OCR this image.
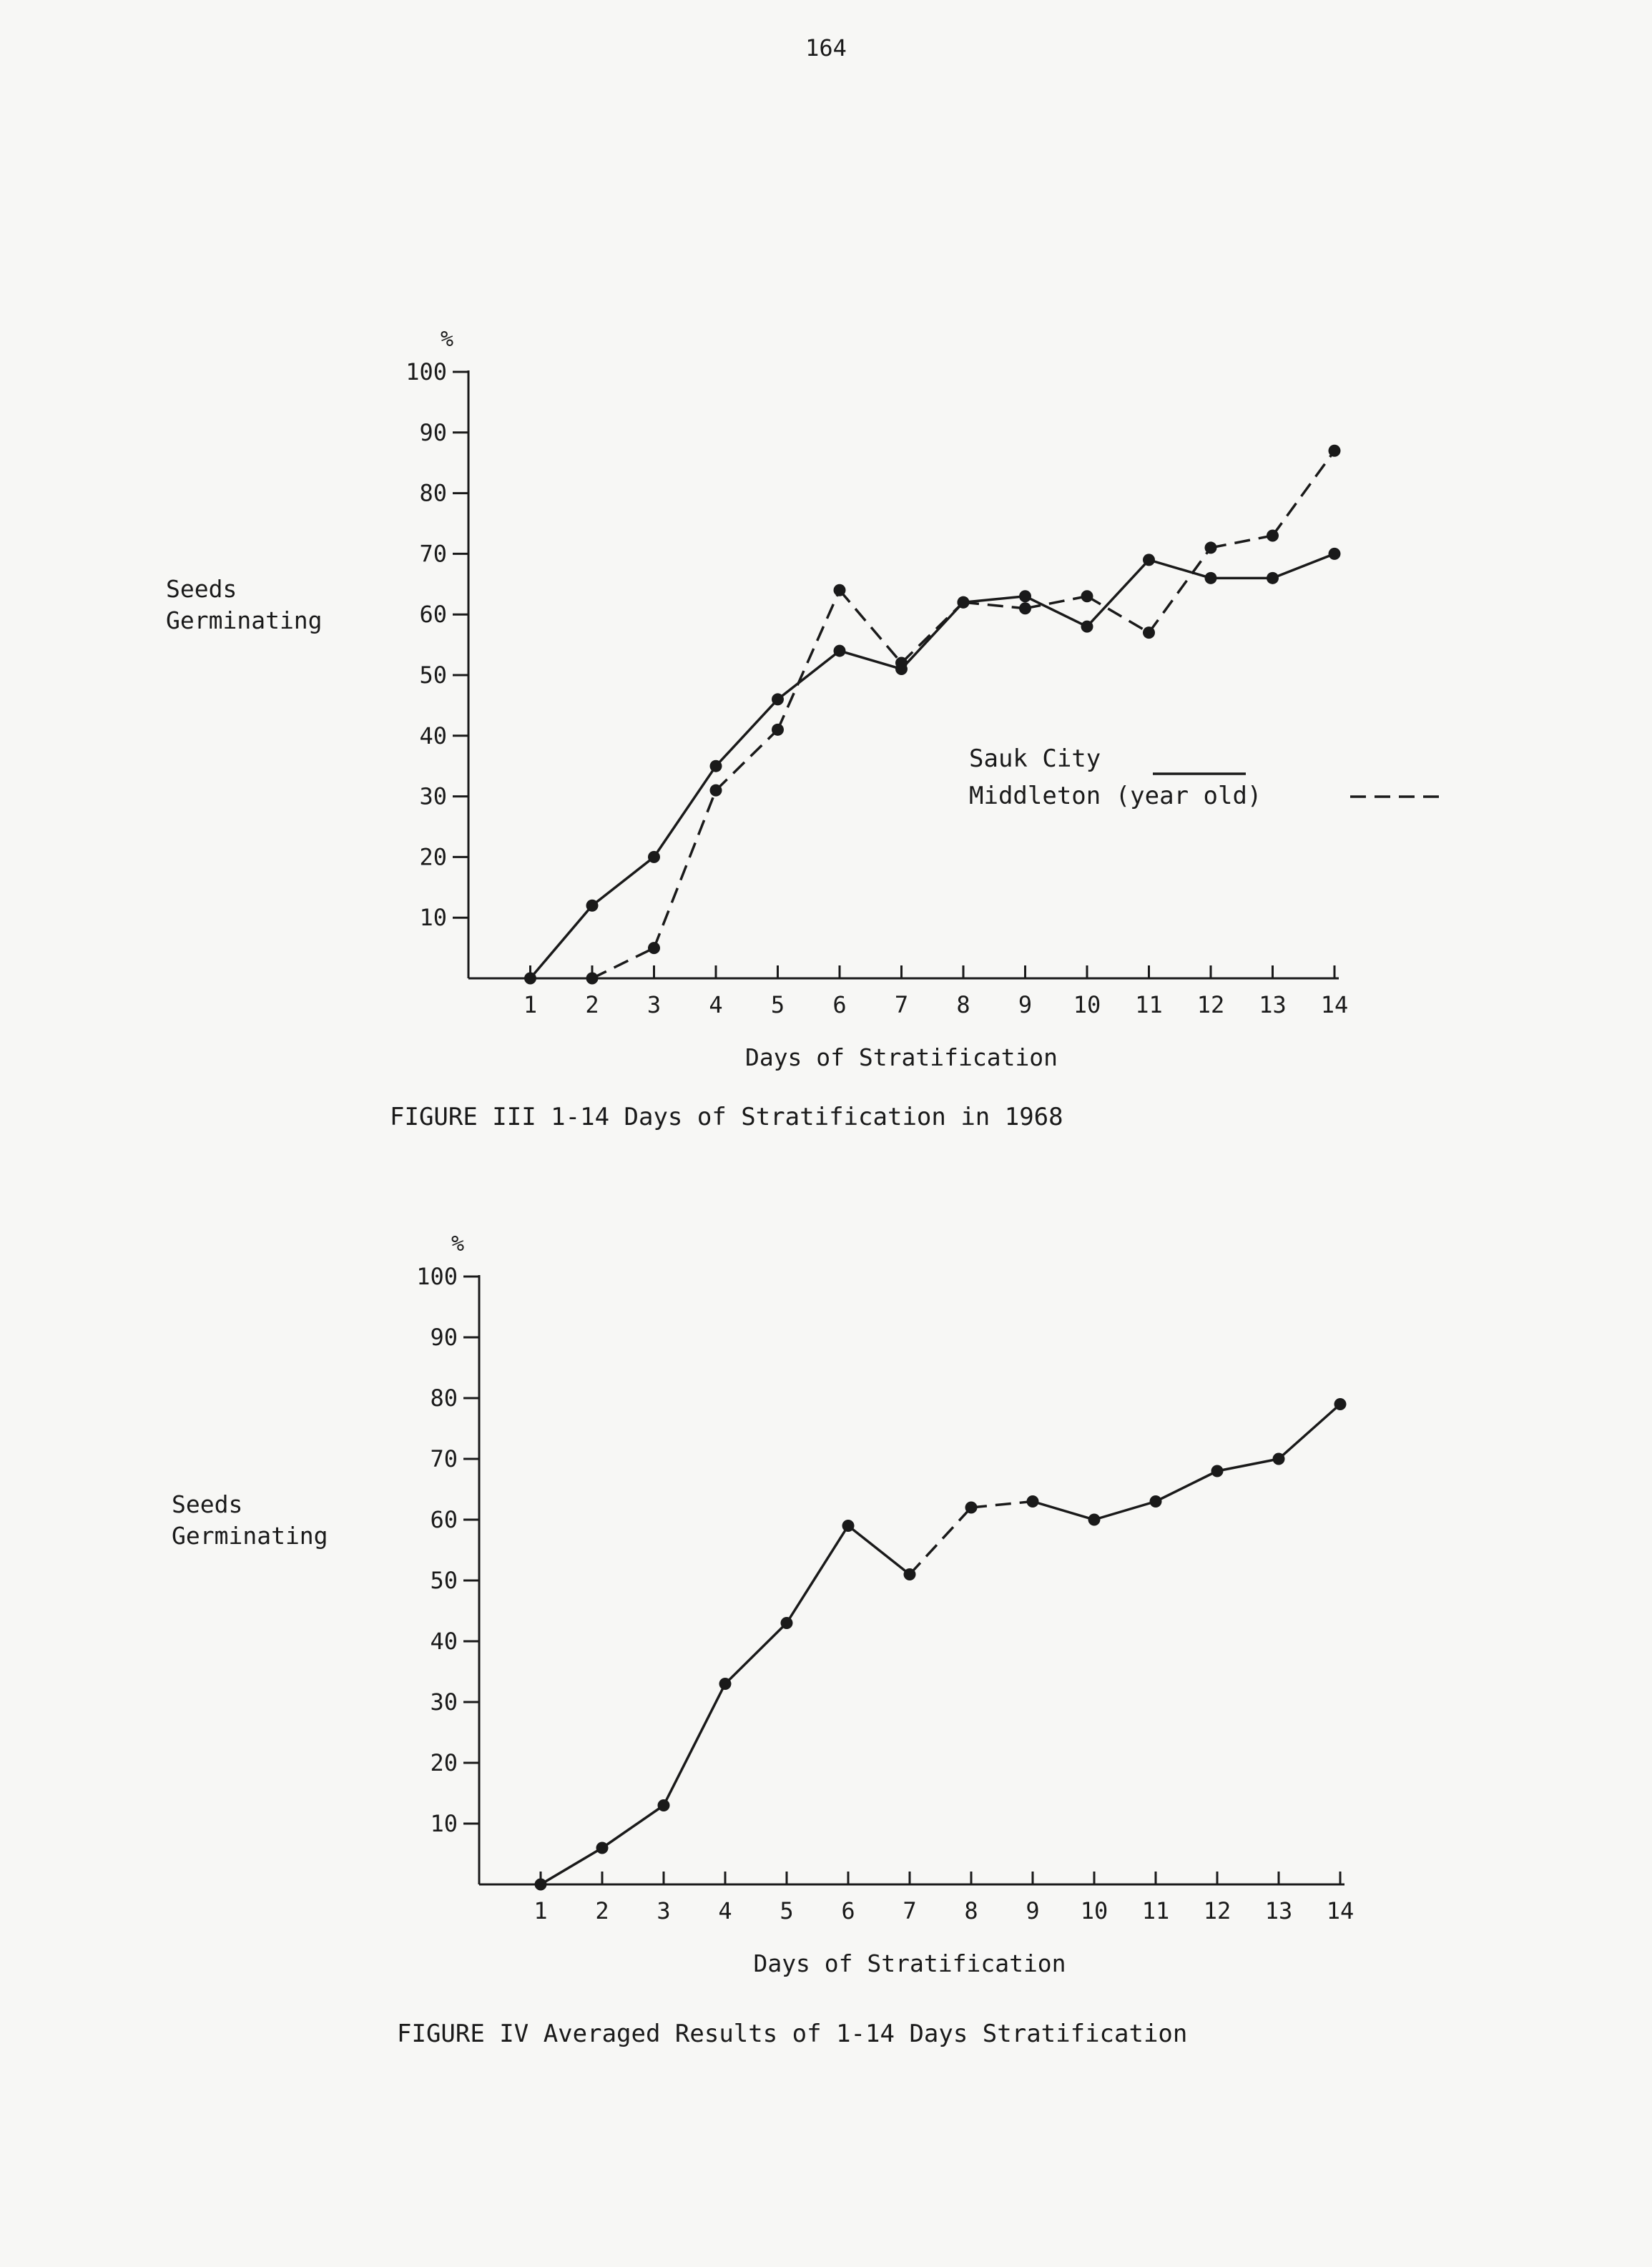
164
10
20
30
40
50
60
70
80
90
100
1 2 3 4 5 6 7 8 9 10 11 12 13 14
%
Seeds
Germinating
Days of Stratification
FIGURE III 1-14 Days of Stratification in 1968
Sauk City
Middleton (year old)
10
20
30
40
50
60
70
80
90
100
1 2 3 4 5 6 7 8 9 10 11 12 13 14
%
Seeds
Germinating
Days of Stratification
FIGURE IV Averaged Results of 1-14 Days Stratification
